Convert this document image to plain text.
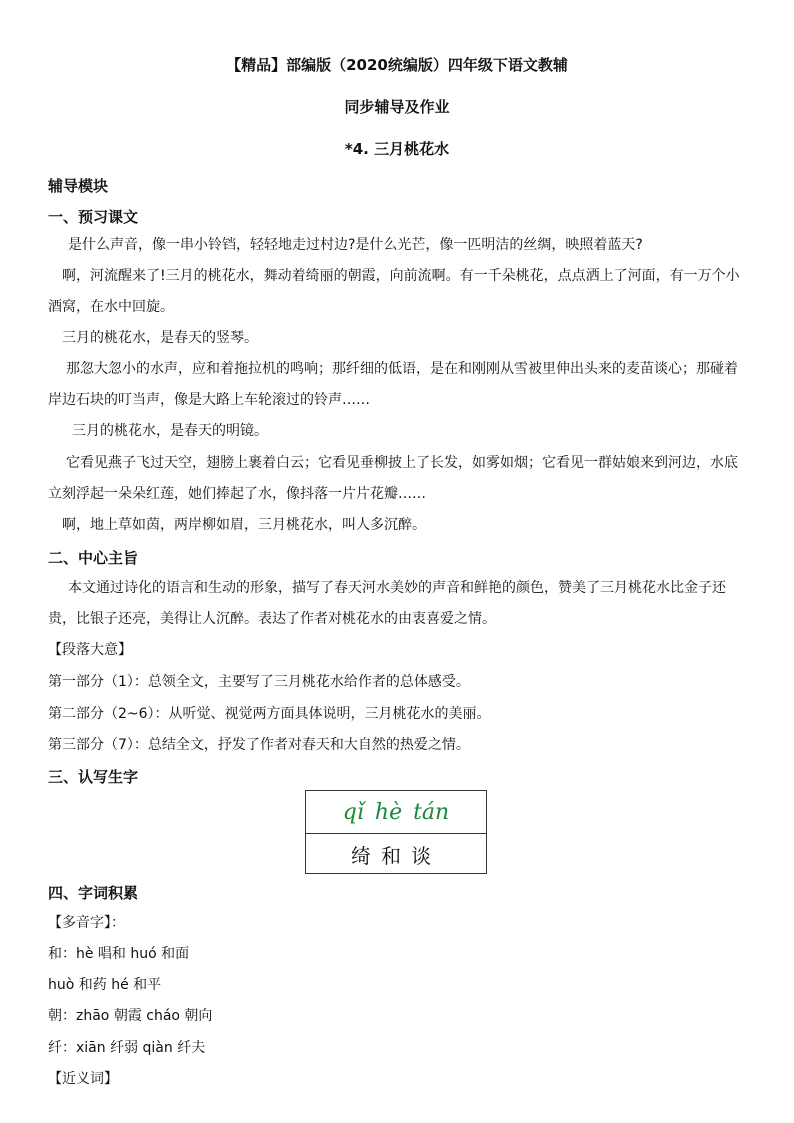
【精品】部编版（2020统编版）四年级下语文教辅
同步辅导及作业
*4. 三月桃花水
辅导模块
一、预习课文
是什么声音，像一串小铃铛，轻轻地走过村边?是什么光芒，像一匹明洁的丝绸，映照着蓝天?
啊，河流醒来了!三月的桃花水，舞动着绮丽的朝霞，向前流啊。有一千朵桃花，点点洒上了河面，有一万个小酒窝，在水中回旋。
三月的桃花水，是春天的竖琴。
那忽大忽小的水声，应和着拖拉机的鸣响；那纤细的低语，是在和刚刚从雪被里伸出头来的麦苗谈心；那碰着岸边石块的叮当声，像是大路上车轮滚过的铃声……
三月的桃花水，是春天的明镜。
它看见燕子飞过天空，翅膀上裹着白云；它看见垂柳披上了长发，如雾如烟；它看见一群姑娘来到河边，水底立刻浮起一朵朵红莲，她们捧起了水，像抖落一片片花瓣……
啊，地上草如茵，两岸柳如眉，三月桃花水，叫人多沉醉。
二、中心主旨
本文通过诗化的语言和生动的形象，描写了春天河水美妙的声音和鲜艳的颜色，赞美了三月桃花水比金子还贵，比银子还亮，美得让人沉醉。表达了作者对桃花水的由衷喜爱之情。
【段落大意】
第一部分（1）：总领全文，主要写了三月桃花水给作者的总体感受。
第二部分（2~6）：从听觉、视觉两方面具体说明，三月桃花水的美丽。
第三部分（7）：总结全文，抒发了作者对春天和大自然的热爱之情。
三、认写生字
qǐ hè tán
绮和谈
四、字词积累
【多音字】：
和：hè 唱和 huó 和面
huò 和药 hé 和平
朝：zhāo 朝霞 cháo 朝向
纤：xiān 纤弱 qiàn 纤夫
【近义词】
